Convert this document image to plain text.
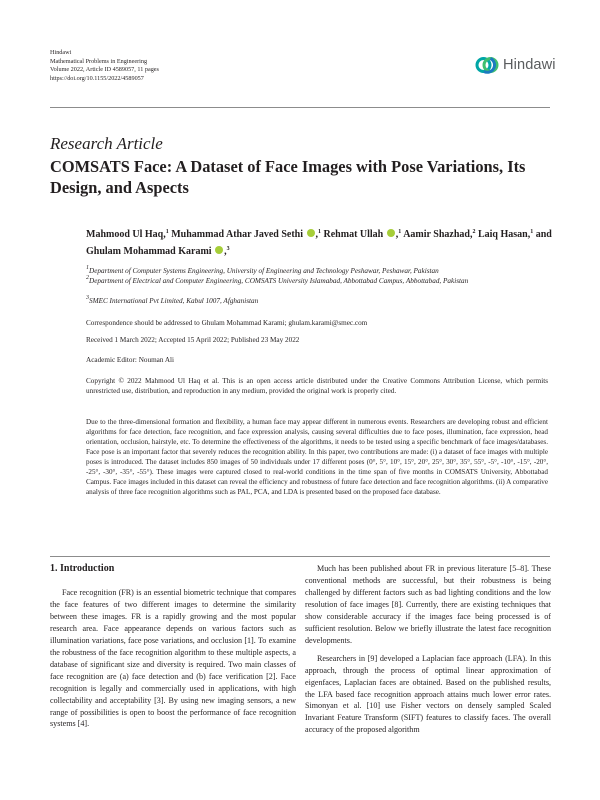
Hindawi
Mathematical Problems in Engineering
Volume 2022, Article ID 4589057, 11 pages
https://doi.org/10.1155/2022/4589057
Hindawi
Research Article
COMSATS Face: A Dataset of Face Images with Pose Variations, Its Design, and Aspects
Mahmood Ul Haq,$^1$ Muhammad Athar Javed Sethi ,$^1$ Rehmat Ullah ,$^1$ Aamir Shazhad,$^2$ Laiq Hasan,$^1$ and Ghulam Mohammad Karami ,$^3$
$^1$Department of Computer Systems Engineering, University of Engineering and Technology Peshawar, Peshawar, Pakistan
$^2$Department of Electrical and Computer Engineering, COMSATS University Islamabad, Abbottabad Campus, Abbottabad, Pakistan
$^3$SMEC International Pvt Limited, Kabul 1007, Afghanistan
Correspondence should be addressed to Ghulam Mohammad Karami; ghulam.karami@smec.com
Received 1 March 2022; Accepted 15 April 2022; Published 23 May 2022
Academic Editor: Nouman Ali
Copyright © 2022 Mahmood Ul Haq et al. This is an open access article distributed under the Creative Commons Attribution License, which permits unrestricted use, distribution, and reproduction in any medium, provided the original work is properly cited.
Due to the three-dimensional formation and flexibility, a human face may appear different in numerous events. Researchers are developing robust and efficient algorithms for face detection, face recognition, and face expression analysis, causing several difficulties due to face poses, illumination, face expression, head orientation, occlusion, hairstyle, etc. To determine the effectiveness of the algorithms, it needs to be tested using a specific benchmark of face images/databases. Face pose is an important factor that severely reduces the recognition ability. In this paper, two contributions are made: (i) a dataset of face images with multiple poses is introduced. The dataset includes 850 images of 50 individuals under 17 different poses (0°, 5°, 10°, 15°, 20°, 25°, 30°, 35°, 55°, -5°, -10°, -15°, -20°, -25°, -30°, -35°, -55°). These images were captured closed to real-world conditions in the time span of five months in COMSATS University, Abbottabad Campus. Face images included in this dataset can reveal the efficiency and robustness of future face detection and face recognition algorithms. (ii) A comparative analysis of three face recognition algorithms such as PAL, PCA, and LDA is presented based on the proposed face database.
1. Introduction

Face recognition (FR) is an essential biometric technique that compares the face features of two different images to determine the similarity between these images. FR is a rapidly growing and the most popular research area. Face appearance depends on various factors such as illumination variations, face pose variations, and occlusion [1]. To examine the robustness of the face recognition algorithm to these multiple aspects, a database of significant size and diversity is required. Two main classes of face recognition are (a) face detection and (b) face verification [2]. Face recognition is legally and commercially used in applications, with high collectability and acceptability [3]. By using new imaging sensors, a new range of possibilities is open to boost the performance of face recognition systems [4].

Much has been published about FR in previous literature [5–8]. These conventional methods are successful, but their robustness is being challenged by different factors such as bad lighting conditions and the low resolution of face images [8]. Currently, there are existing techniques that show considerable accuracy if the images face being processed is of sufficient resolution. Below we briefly illustrate the latest face recognition developments.

Researchers in [9] developed a Laplacian face approach (LFA). In this approach, through the process of optimal linear approximation of eigenfaces, Laplacian faces are obtained. Based on the published results, the LFA based face recognition approach attains much lower error rates. Simonyan et al. [10] use Fisher vectors on densely sampled Scaled Invariant Feature Transform (SIFT) features to classify faces. The overall accuracy of the proposed algorithm
